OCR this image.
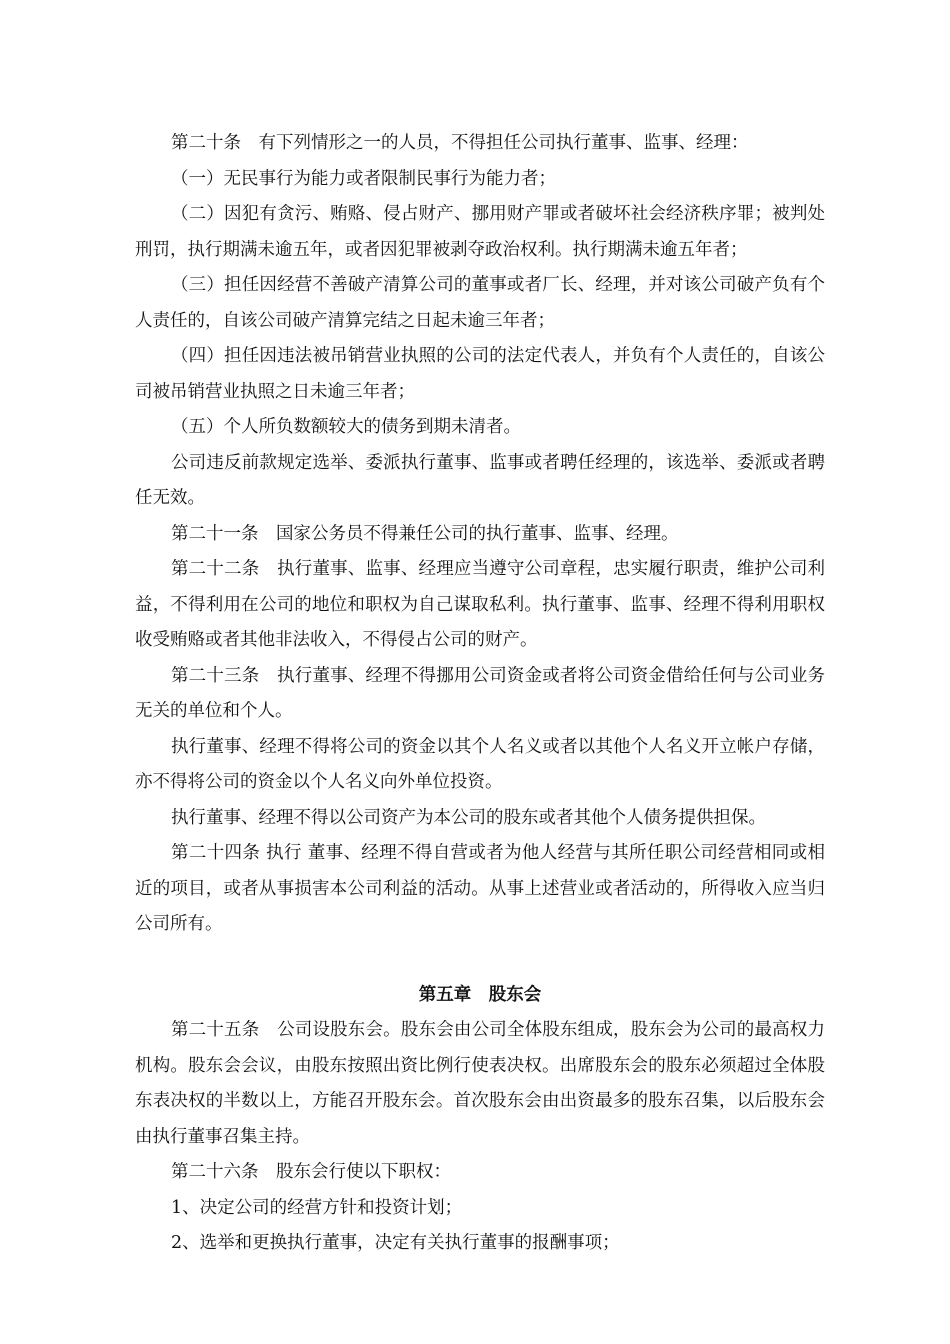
第二十条　有下列情形之一的人员，不得担任公司执行董事、监事、经理：

（一）无民事行为能力或者限制民事行为能力者；

（二）因犯有贪污、贿赂、侵占财产、挪用财产罪或者破坏社会经济秩序罪；被判处刑罚，执行期满未逾五年，或者因犯罪被剥夺政治权利。执行期满未逾五年者；

（三）担任因经营不善破产清算公司的董事或者厂长、经理，并对该公司破产负有个人责任的，自该公司破产清算完结之日起未逾三年者；

（四）担任因违法被吊销营业执照的公司的法定代表人，并负有个人责任的，自该公司被吊销营业执照之日未逾三年者；

（五）个人所负数额较大的债务到期未清者。

公司违反前款规定选举、委派执行董事、监事或者聘任经理的，该选举、委派或者聘任无效。

第二十一条　国家公务员不得兼任公司的执行董事、监事、经理。

第二十二条　执行董事、监事、经理应当遵守公司章程，忠实履行职责，维护公司利益，不得利用在公司的地位和职权为自己谋取私利。执行董事、监事、经理不得利用职权收受贿赂或者其他非法收入，不得侵占公司的财产。

第二十三条　执行董事、经理不得挪用公司资金或者将公司资金借给任何与公司业务无关的单位和个人。

执行董事、经理不得将公司的资金以其个人名义或者以其他个人名义开立帐户存储，亦不得将公司的资金以个人名义向外单位投资。

执行董事、经理不得以公司资产为本公司的股东或者其他个人债务提供担保。

第二十四条 执行 董事、经理不得自营或者为他人经营与其所任职公司经营相同或相近的项目，或者从事损害本公司利益的活动。从事上述营业或者活动的，所得收入应当归公司所有。

第五章　股东会

第二十五条　公司设股东会。股东会由公司全体股东组成，股东会为公司的最高权力机构。股东会会议，由股东按照出资比例行使表决权。出席股东会的股东必须超过全体股东表决权的半数以上，方能召开股东会。首次股东会由出资最多的股东召集，以后股东会由执行董事召集主持。

第二十六条　股东会行使以下职权：

1、决定公司的经营方针和投资计划；

2、选举和更换执行董事，决定有关执行董事的报酬事项；
